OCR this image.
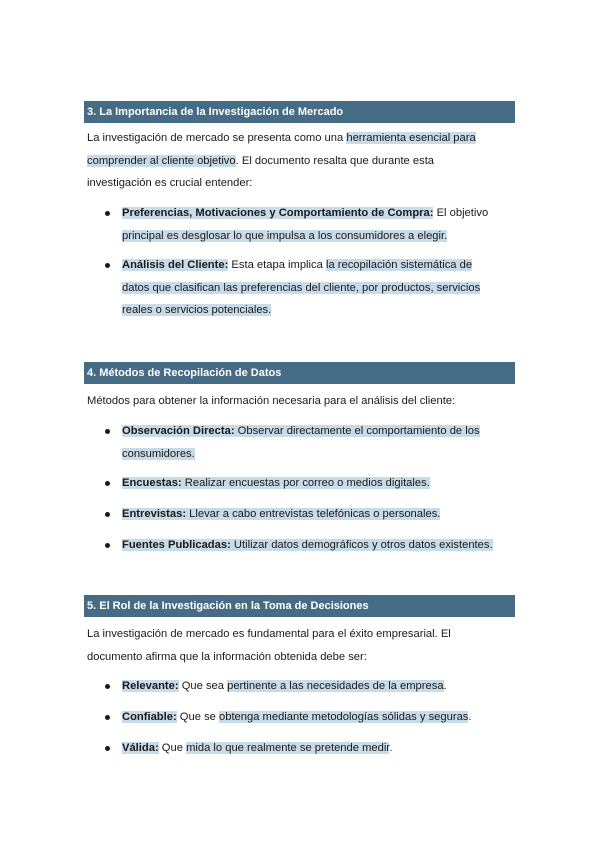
3. La Importancia de la Investigación de Mercado
La investigación de mercado se presenta como una herramienta esencial para
comprender al cliente objetivo. El documento resalta que durante esta
investigación es crucial entender:
Preferencias, Motivaciones y Comportamiento de Compra: El objetivo
principal es desglosar lo que impulsa a los consumidores a elegir.
Análisis del Cliente: Esta etapa implica la recopilación sistemática de
datos que clasifican las preferencias del cliente, por productos, servicios
reales o servicios potenciales.
4. Métodos de Recopilación de Datos
Métodos para obtener la información necesaria para el análisis del cliente:
Observación Directa: Observar directamente el comportamiento de los
consumidores.
Encuestas: Realizar encuestas por correo o medios digitales.
Entrevistas: Llevar a cabo entrevistas telefónicas o personales.
Fuentes Publicadas: Utilizar datos demográficos y otros datos existentes.
5. El Rol de la Investigación en la Toma de Decisiones
La investigación de mercado es fundamental para el éxito empresarial. El
documento afirma que la información obtenida debe ser:
Relevante: Que sea pertinente a las necesidades de la empresa.
Confiable: Que se obtenga mediante metodologías sólidas y seguras.
Válida: Que mida lo que realmente se pretende medir.
